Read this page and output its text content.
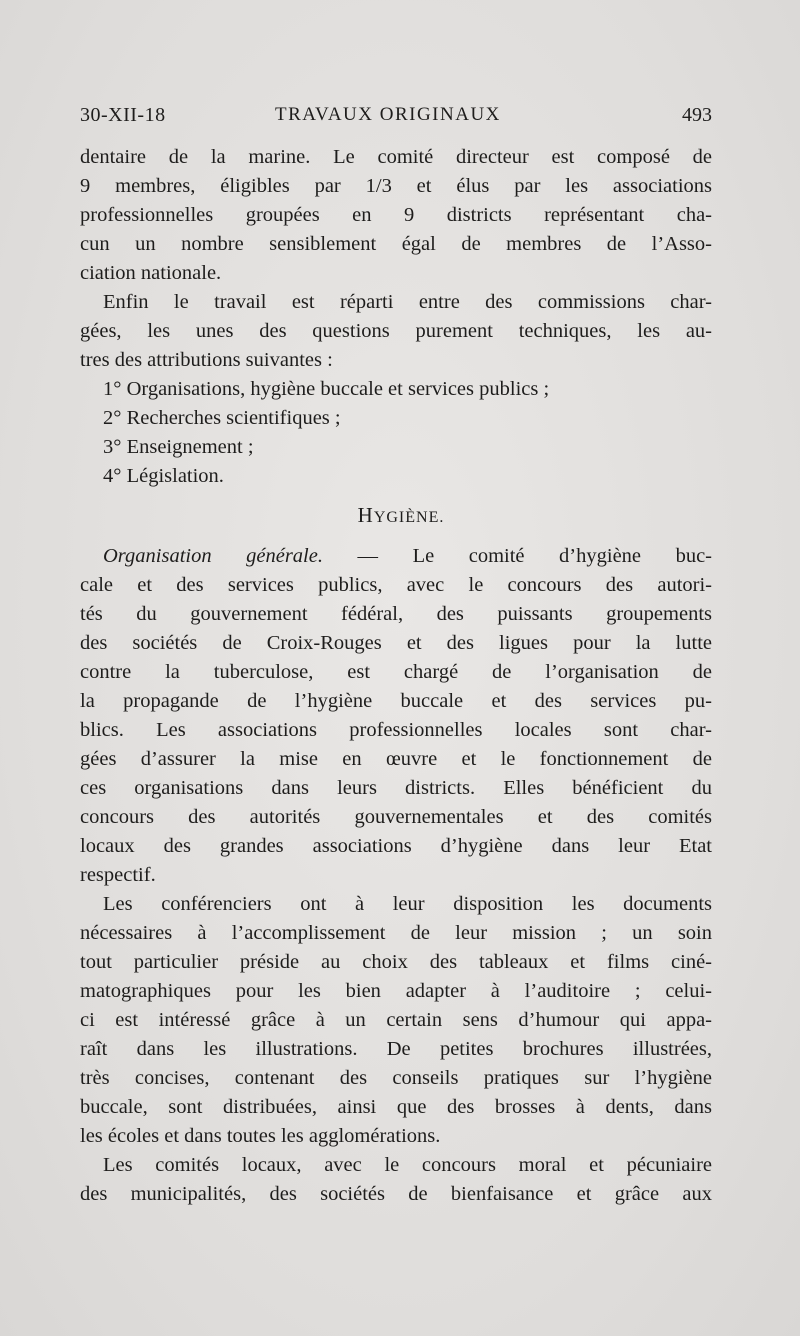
30-XII-18	TRAVAUX ORIGINAUX	493
dentaire de la marine. Le comité directeur est composé de
9 membres, éligibles par 1/3 et élus par les associations
professionnelles groupées en 9 districts représentant cha-
cun un nombre sensiblement égal de membres de l’Asso-
ciation nationale.
Enfin le travail est réparti entre des commissions char-
gées, les unes des questions purement techniques, les au-
tres des attributions suivantes :
1° Organisations, hygiène buccale et services publics ;
2° Recherches scientifiques ;
3° Enseignement ;
4° Législation.
HYGIÈNE.
Organisation générale. — Le comité d’hygiène buc-
cale et des services publics, avec le concours des autori-
tés du gouvernement fédéral, des puissants groupements
des sociétés de Croix-Rouges et des ligues pour la lutte
contre la tuberculose, est chargé de l’organisation de
la propagande de l’hygiène buccale et des services pu-
blics. Les associations professionnelles locales sont char-
gées d’assurer la mise en œuvre et le fonctionnement de
ces organisations dans leurs districts. Elles bénéficient du
concours des autorités gouvernementales et des comités
locaux des grandes associations d’hygiène dans leur Etat
respectif.
Les conférenciers ont à leur disposition les documents
nécessaires à l’accomplissement de leur mission ; un soin
tout particulier préside au choix des tableaux et films ciné-
matographiques pour les bien adapter à l’auditoire ; celui-
ci est intéressé grâce à un certain sens d’humour qui appa-
raît dans les illustrations. De petites brochures illustrées,
très concises, contenant des conseils pratiques sur l’hygiène
buccale, sont distribuées, ainsi que des brosses à dents, dans
les écoles et dans toutes les agglomérations.
Les comités locaux, avec le concours moral et pécuniaire
des municipalités, des sociétés de bienfaisance et grâce aux
